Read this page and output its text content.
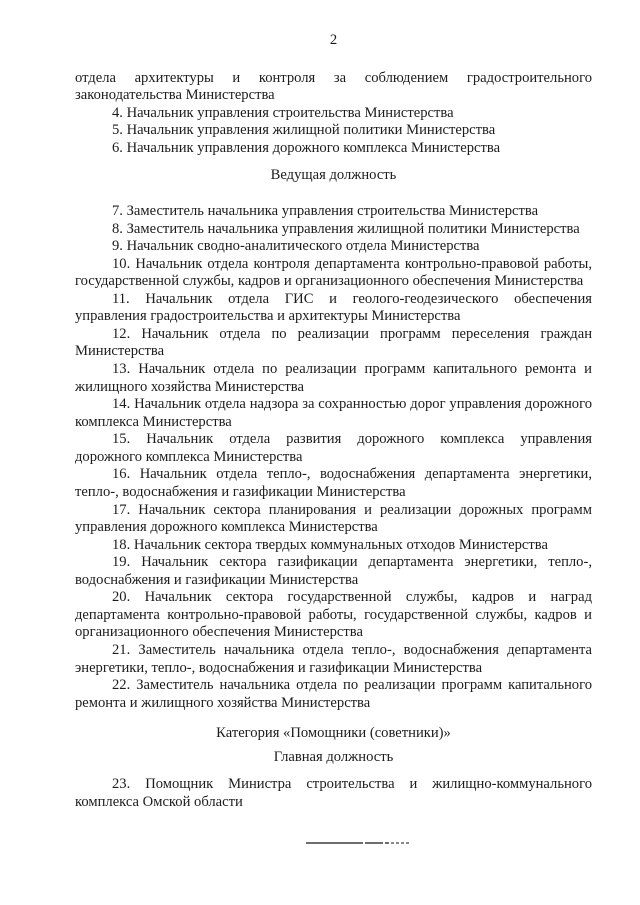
2
отдела архитектуры и контроля за соблюдением градостроительного
законодательства Министерства
4. Начальник управления строительства Министерства
5. Начальник управления жилищной политики Министерства
6. Начальник управления дорожного комплекса Министерства
Ведущая должность
7. Заместитель начальника управления строительства Министерства
8. Заместитель начальника управления жилищной политики Министерства
9. Начальник сводно-аналитического отдела Министерства
10. Начальник отдела контроля департамента контрольно-правовой работы,
государственной службы, кадров и организационного обеспечения Министерства
11. Начальник отдела ГИС и геолого-геодезического обеспечения
управления градостроительства и архитектуры Министерства
12. Начальник отдела по реализации программ переселения граждан
Министерства
13. Начальник отдела по реализации программ капитального ремонта и
жилищного хозяйства Министерства
14. Начальник отдела надзора за сохранностью дорог управления дорожного
комплекса Министерства
15. Начальник отдела развития дорожного комплекса управления
дорожного комплекса Министерства
16. Начальник отдела тепло-, водоснабжения департамента энергетики,
тепло-, водоснабжения и газификации Министерства
17. Начальник сектора планирования и реализации дорожных программ
управления дорожного комплекса Министерства
18. Начальник сектора твердых коммунальных отходов Министерства
19. Начальник сектора газификации департамента энергетики, тепло-,
водоснабжения и газификации Министерства
20. Начальник сектора государственной службы, кадров и наград
департамента контрольно-правовой работы, государственной службы, кадров и
организационного обеспечения Министерства
21. Заместитель начальника отдела тепло-, водоснабжения департамента
энергетики, тепло-, водоснабжения и газификации Министерства
22. Заместитель начальника отдела по реализации программ капитального
ремонта и жилищного хозяйства Министерства
Категория «Помощники (советники)»
Главная должность
23. Помощник Министра строительства и жилищно-коммунального
комплекса Омской области
